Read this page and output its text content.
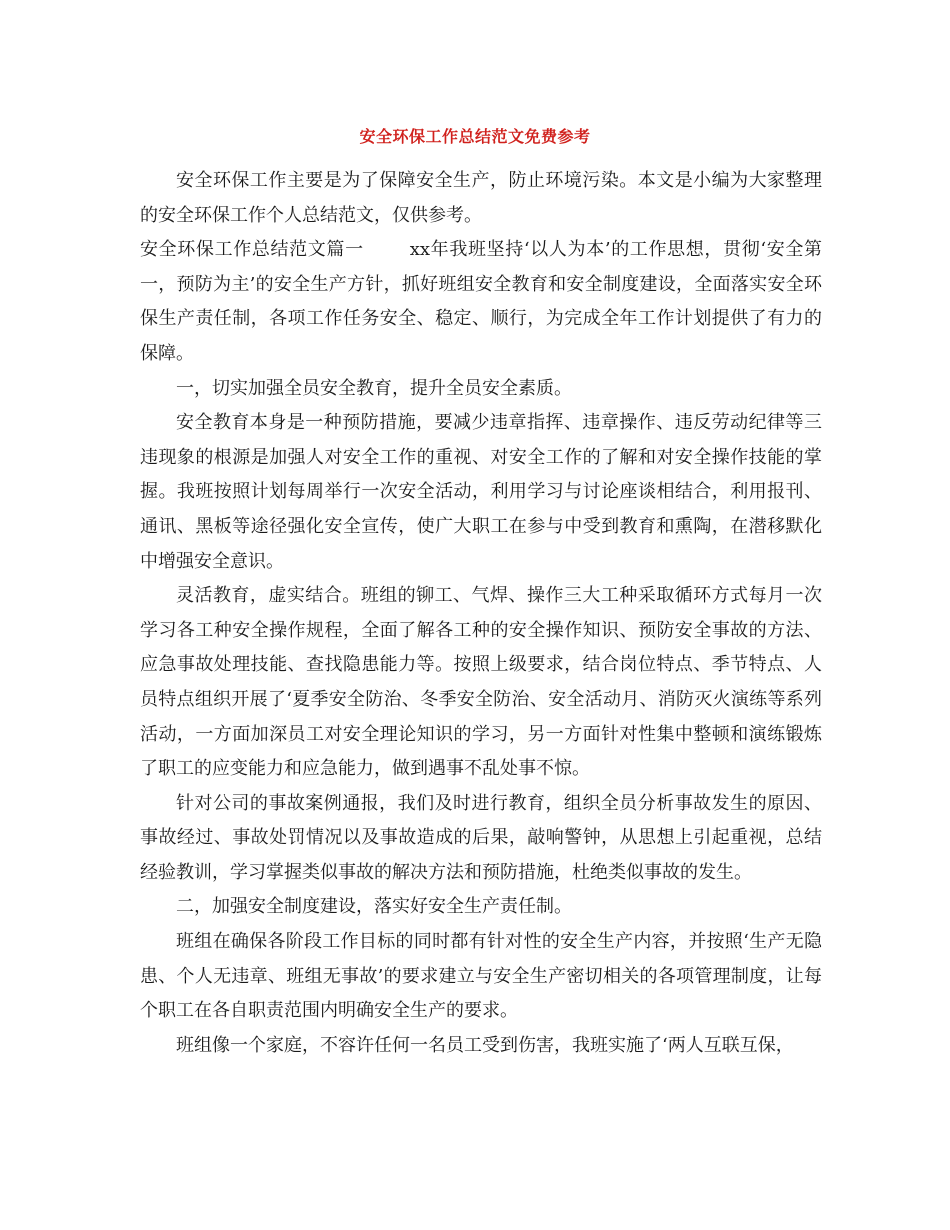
安全环保工作总结范文免费参考

安全环保工作主要是为了保障安全生产，防止环境污染。本文是小编为大家整理的安全环保工作个人总结范文，仅供参考。

安全环保工作总结范文篇一	xx年我班坚持‘以人为本’的工作思想，贯彻‘安全第一，预防为主’的安全生产方针，抓好班组安全教育和安全制度建设，全面落实安全环保生产责任制，各项工作任务安全、稳定、顺行，为完成全年工作计划提供了有力的保障。

一，切实加强全员安全教育，提升全员安全素质。

安全教育本身是一种预防措施，要减少违章指挥、违章操作、违反劳动纪律等三违现象的根源是加强人对安全工作的重视、对安全工作的了解和对安全操作技能的掌握。我班按照计划每周举行一次安全活动，利用学习与讨论座谈相结合，利用报刊、通讯、黑板等途径强化安全宣传，使广大职工在参与中受到教育和熏陶，在潜移默化中增强安全意识。

灵活教育，虚实结合。班组的铆工、气焊、操作三大工种采取循环方式每月一次学习各工种安全操作规程，全面了解各工种的安全操作知识、预防安全事故的方法、应急事故处理技能、查找隐患能力等。按照上级要求，结合岗位特点、季节特点、人员特点组织开展了‘夏季安全防治、冬季安全防治、安全活动月、消防灭火演练等系列活动，一方面加深员工对安全理论知识的学习，另一方面针对性集中整顿和演练锻炼了职工的应变能力和应急能力，做到遇事不乱处事不惊。

针对公司的事故案例通报，我们及时进行教育，组织全员分析事故发生的原因、事故经过、事故处罚情况以及事故造成的后果，敲响警钟，从思想上引起重视，总结经验教训，学习掌握类似事故的解决方法和预防措施，杜绝类似事故的发生。

二，加强安全制度建设，落实好安全生产责任制。

班组在确保各阶段工作目标的同时都有针对性的安全生产内容，并按照‘生产无隐患、个人无违章、班组无事故’的要求建立与安全生产密切相关的各项管理制度，让每个职工在各自职责范围内明确安全生产的要求。

班组像一个家庭，不容许任何一名员工受到伤害，我班实施了‘两人互联互保，
